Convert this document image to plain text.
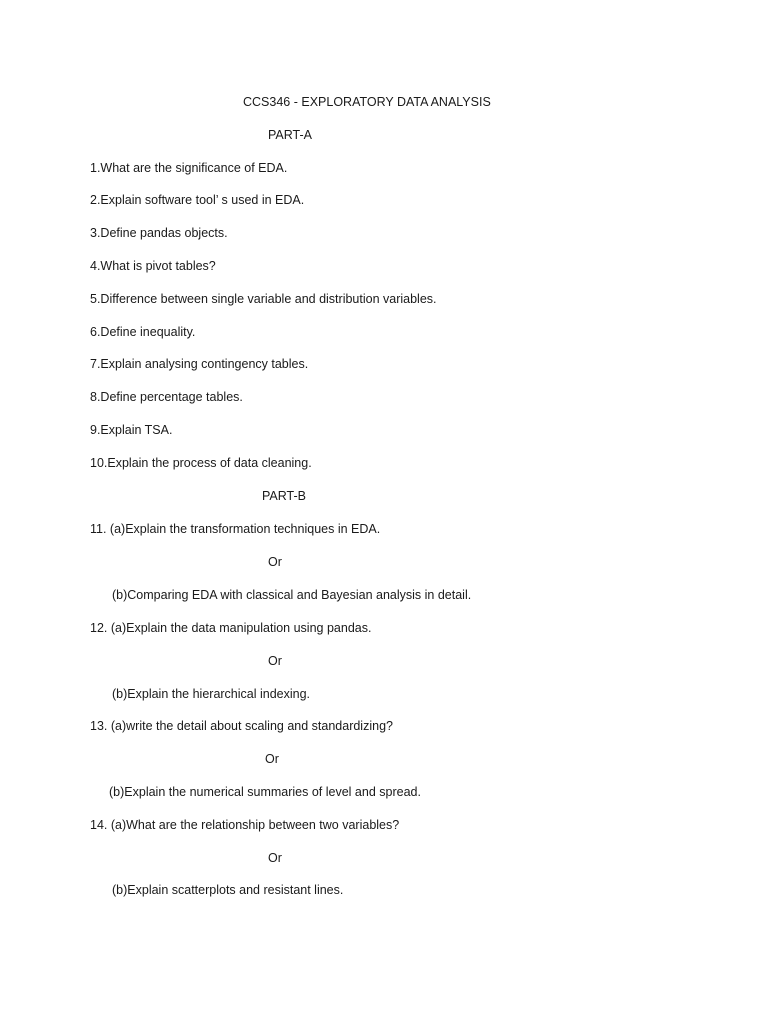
CCS346 - EXPLORATORY DATA ANALYSIS
PART-A
1.What are the significance of EDA.
2.Explain software tool’ s used in EDA.
3.Define pandas objects.
4.What is pivot tables?
5.Difference between single variable and distribution variables.
6.Define inequality.
7.Explain analysing contingency tables.
8.Define percentage tables.
9.Explain TSA.
10.Explain the process of data cleaning.
PART-B
11. (a)Explain the transformation techniques in EDA.
Or
(b)Comparing EDA with classical and Bayesian analysis in detail.
12. (a)Explain the data manipulation using pandas.
Or
(b)Explain the hierarchical indexing.
13. (a)write the detail about scaling and standardizing?
Or
(b)Explain the numerical summaries of level and spread.
14. (a)What are the relationship between two variables?
Or
(b)Explain scatterplots and resistant lines.
